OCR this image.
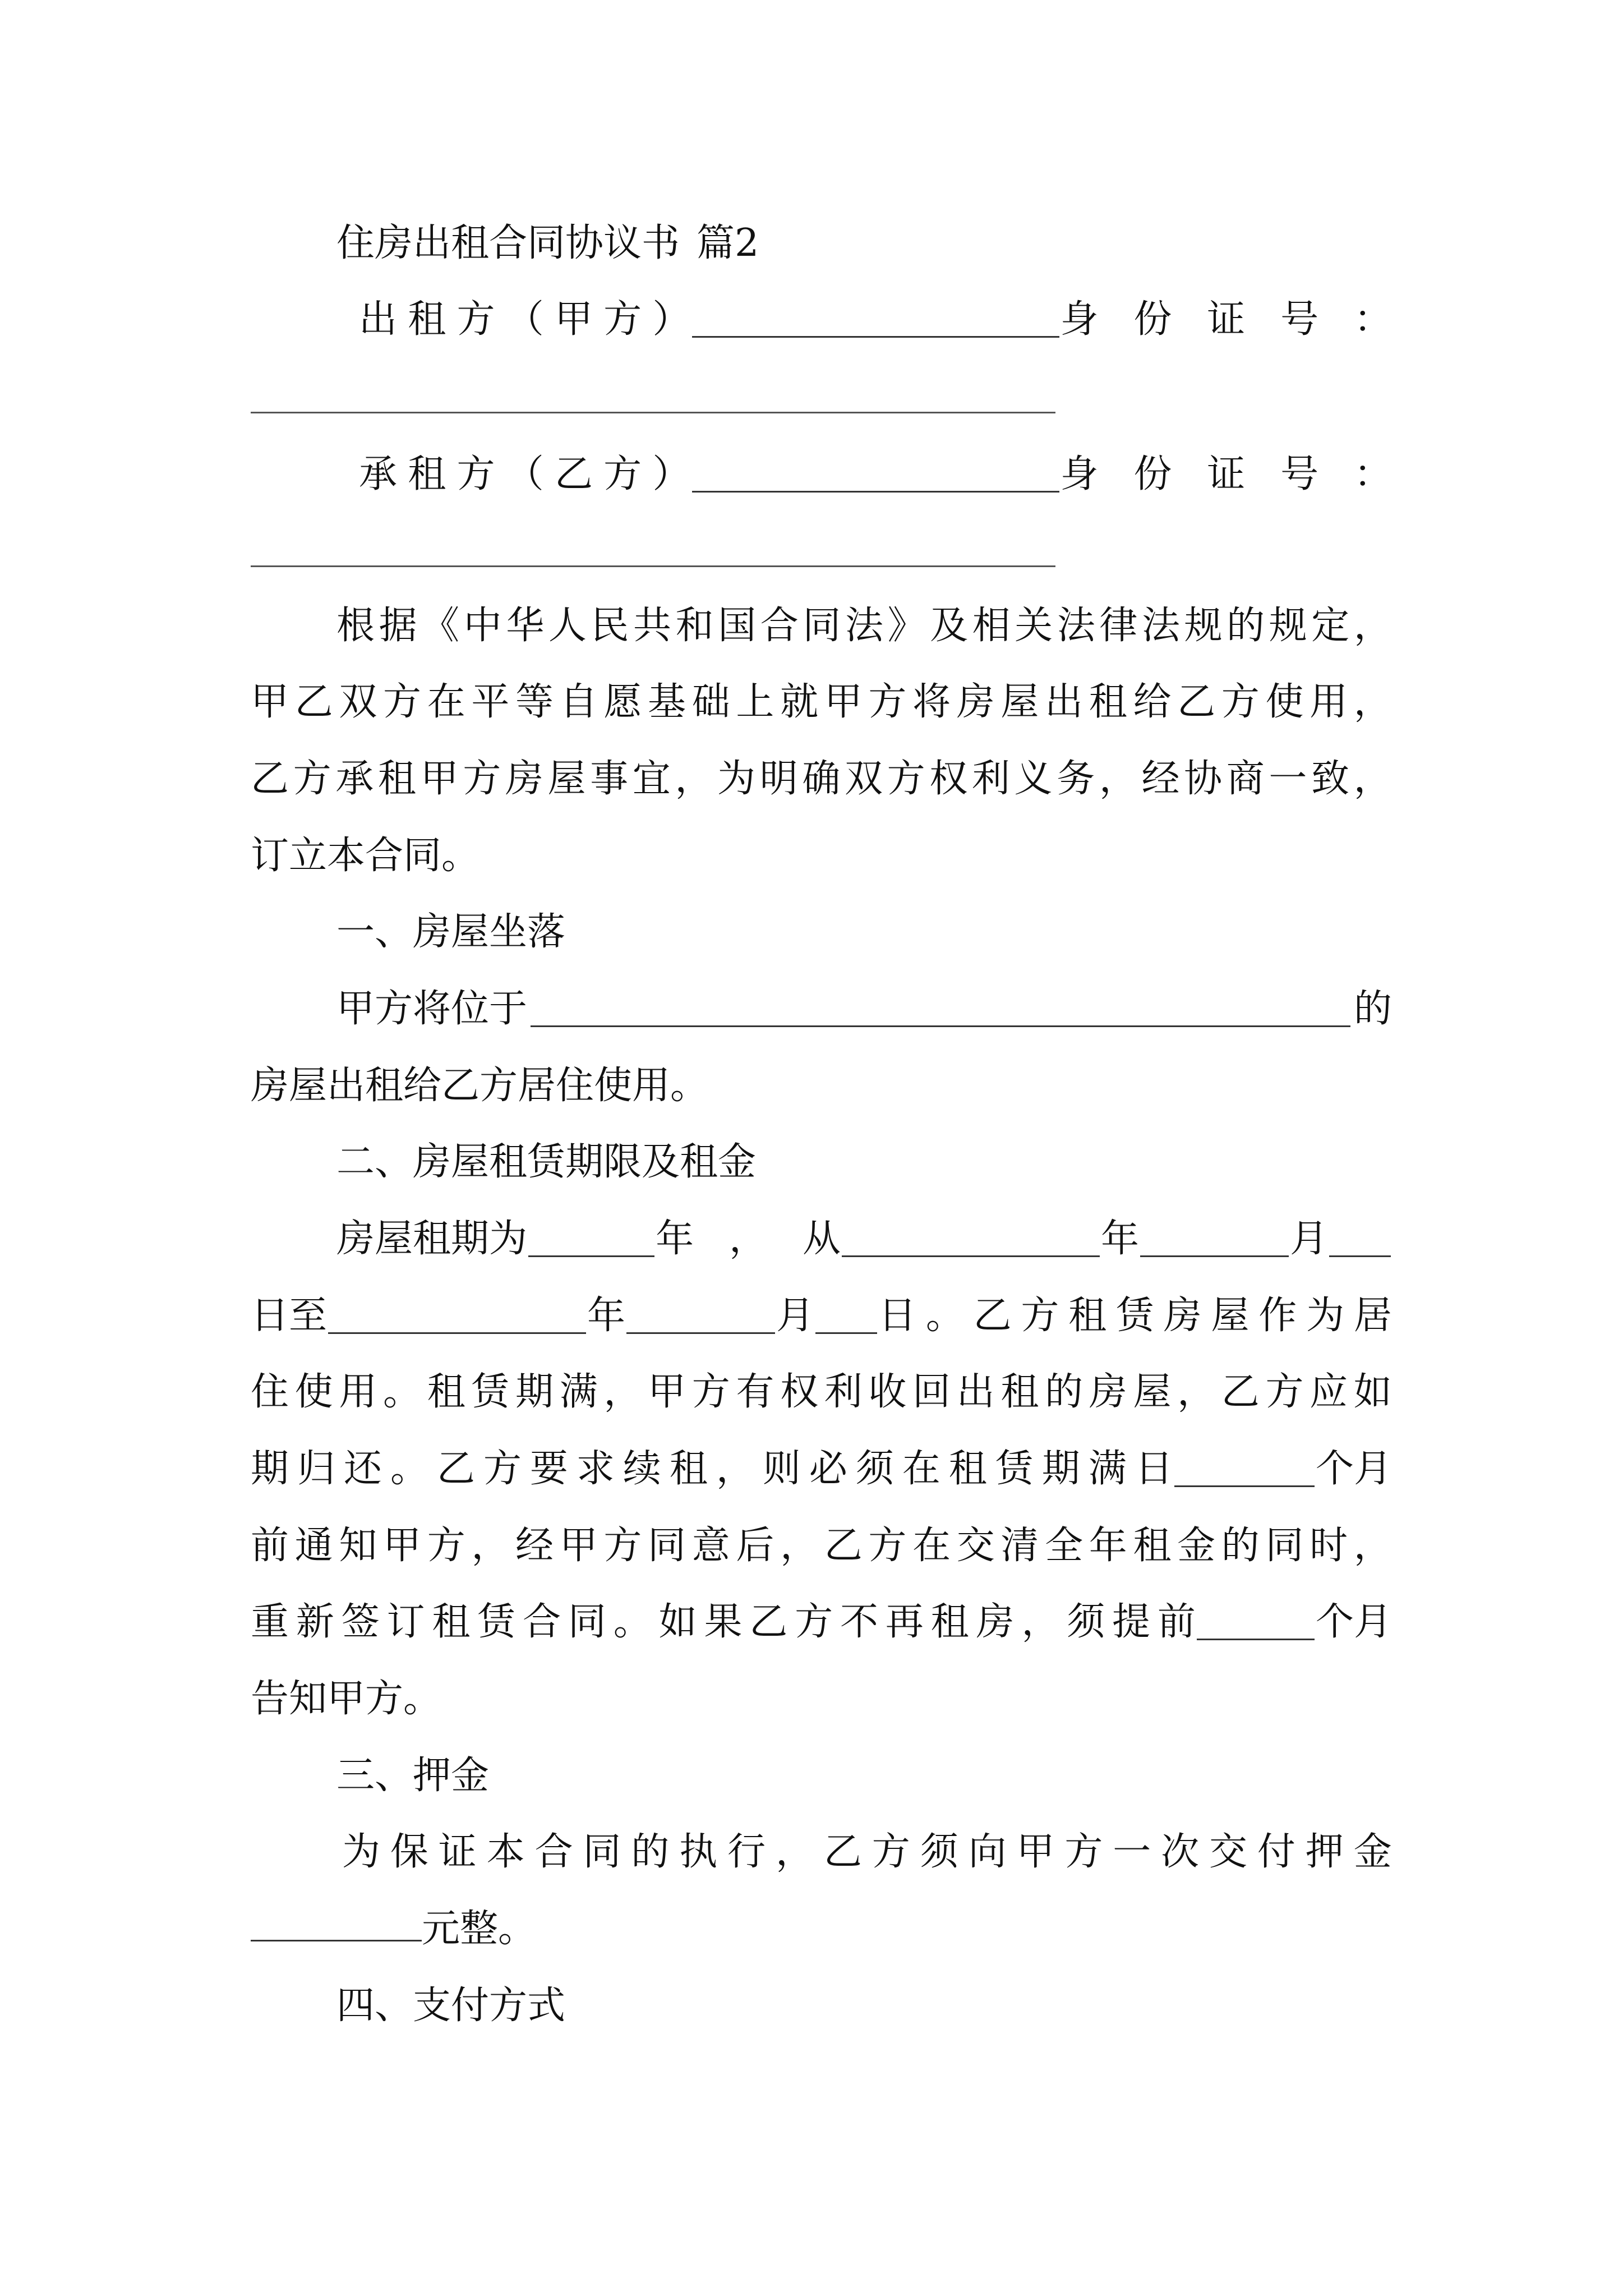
住房出租合同协议书 篇2
出 租 方 （ 甲 方 ）	身 份 证 号 ：
承 租 方 （ 乙 方 ）	身 份 证 号 ：
根 据 《 中 华 人 民 共 和 国 合 同 法 》 及 相 关 法 律 法 规 的 规 定 ，
甲 乙 双 方 在 平 等 自 愿 基 础 上 就 甲 方 将 房 屋 出 租 给 乙 方 使 用 ，
乙 方 承 租 甲 方 房 屋 事 宜 ， 为 明 确 双 方 权 利 义 务 ， 经 协 商 一 致 ，
订立本合同。
一、房屋坐落
甲方将位于	的
房屋出租给乙方居住使用。
二、房屋租赁期限及租金
房 屋 租 期 为	年 ， 从	年	月
日至	年	月 日 。 乙 方 租 赁 房 屋 作 为 居
住 使 用 。 租 赁 期 满 ， 甲 方 有 权 利 收 回 出 租 的 房 屋 ， 乙 方 应 如
期 归 还 。 乙 方 要 求 续 租 ， 则 必 须 在 租 赁 期 满 日	个月
前 通 知 甲 方 ， 经 甲 方 同 意 后 ， 乙 方 在 交 清 全 年 租 金 的 同 时 ，
重 新 签 订 租 赁 合 同 。 如 果 乙 方 不 再 租 房 ， 须 提 前	个月
告知甲方。
三、押金
为 保 证 本 合 同 的 执 行 ， 乙 方 须 向 甲 方 一 次 交 付 押 金
元整。
四、支付方式
